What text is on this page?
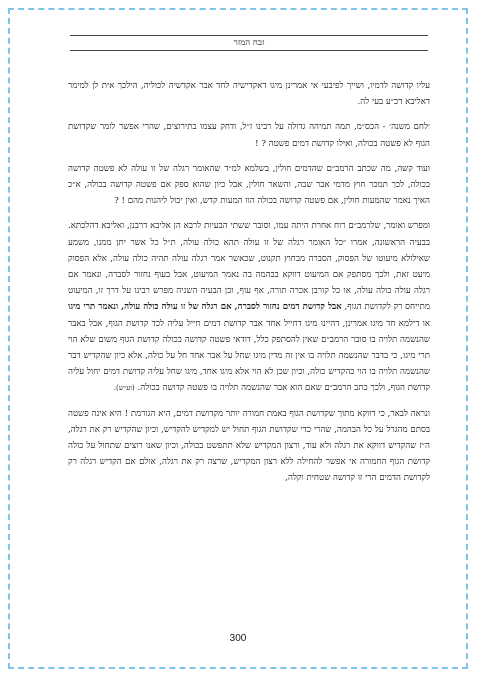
זבח המזר

עליו קדושה לדמיו, ושייך לפיבעי אי אמרינן מיגו דאקדישיה לחד אבר אקדשיה לכוליה, הילכך אית לן למימר דאליבא דכ״ע בעי לה.

׳לחם משנה׳ - הכס״מ, תמה תמיהה גדולה על רבינו ז״ל, ודחק עצמו בתירוצים, שהרי אפשר לומר שקדושת הגוף לא פשטה בכולה, ואילו קדושת דמים פשטה ? !

ועוד קשה, מה שכתב הרמב״ם שהדמים חולין, בשלמא למ״ד שהאומר רגלה של זו עולה לא פשטה קדושה בכולה, לכך תמכר חוץ מדמי אבר שבה, והשאר חולין, אבל כיון שהוא ספק אם פשטה קדושה בכולה, א״כ האיך נאמר שהמעות חולין, אם פשטה קדושה בכולה הוו המעות קדש, ואין יכול ליהנות מהם ! ?

ומפרש ואומר, שלרמב״ם רוח אחרת היתה עמו, וסובר ששתי הבעיות לרבא הן אליבא דרבנן, ואליבא דהלכתא. בבעיה הראשונה, אמרו ״כל האומר רגלה של זו עולה תהא כולה עולה, ת״ל כל אשר יתן ממנו, משמע שאילולא מיעוטו של הפסוק, הסברה מבחוץ תקנוט, שכאשר אמר רגלה עולה תהיה כולה עולה, אלא הפסוק מיעט זאת, ולכך מסתפק אם המיעוט דווקא בבהמה בה נאמר המיעוט, אבל בעוף נחזור לסברה, ונאמר אם רגלה עולה כולה עולה, או כל קורבן אכרה תורה, אף עוף, וכן הבעיה השניה מפרש רבינו על דרך זו, המיעוט מתייחס רק לקדושת הגוף, אבל קדושת דמים נחזור לסברה, אם רגלה של זו עולה כולה עולה, ונאמר תרי מיגו או דילמא חד מיגו אמרינן, דהיינו מיגו דחייל אחד אבר קדושת דמים חייל עליה לכד קדושת הגוף, אבל באבר שהנשמה תלויה בו סובר הרמב״ם שאין להסתפק כלל, דודאי פשטה קדושה בכולה קדושת הגוף משום שלא הוי תרי מיגו, כי בדבר שהנשמה תלויה בו אין זה מדין מיגו שחל על אבר אחד חל על כולה, אלא כיון שהקדיש דבר שהנשמה תלויה בו הוי כהקדיש כולה, וכיון שכן לא הוי אלא מיגו אחד, מיגו שחל עליה קדושת דמים יחול עליה קדושת הגוף, ולכך כתב הרמב״ם שאם הוא אבר שהנשמה תלויה בו פשטה קדושה בכולה. (וע״ש).

ונראה לבאר, כי דווקא מתוך שקדושת הגוף באמת חמורה יותר מקדושת דמים, היא הגורמת ! היא אינה פשטה בסתם מהגרל על כל הבהמה, שהרי כדי שקדושת הגוף תחול יש למקדיש להקדיש, וכיון שהקדיש רק את רגלה, ה״ז שהקדיש דווקא את רגלה ולא עוד, ורצון המקדיש שלא תתפשט בכולה, וכיון שאנו רוצים שתחול על כולה קדושת הגוף החמורה אי אפשר להחילה ללא רצון המקדיש, שרצה רק את רגלה, אולם אם הקדיש רגלה רק לקדושת הדמים הרי זו קדושה שטחית וקלה,

300
